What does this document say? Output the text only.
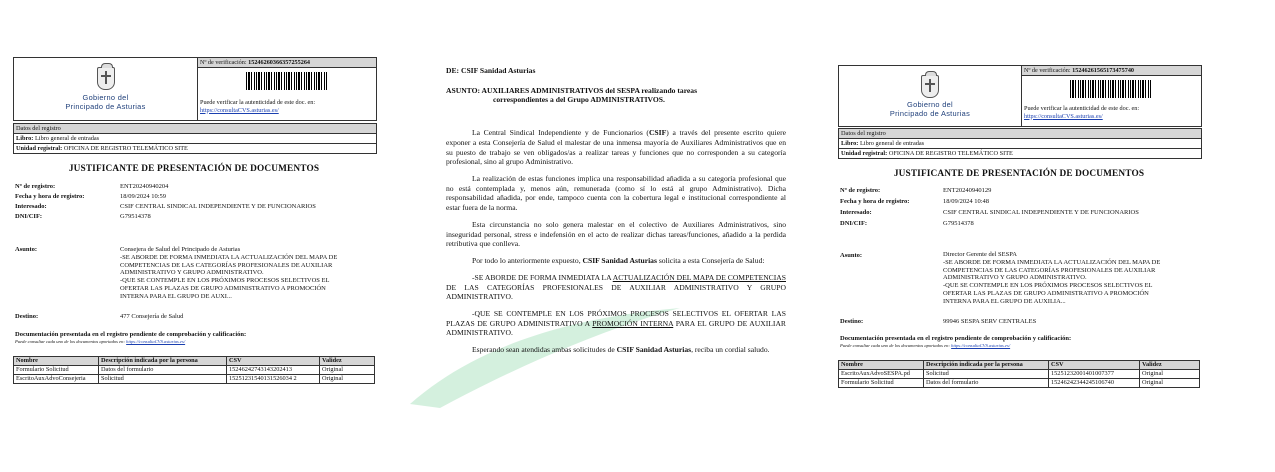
Gobierno del
Principado de Asturias
Nº de verificación: 15246260366357255264
Puede verificar la autenticidad de este doc. en:
https://consultaCVS.asturias.es/
Datos del registro
Libro: Libro general de entradas
Unidad registral: OFICINA DE REGISTRO TELEMÁTICO SITE
JUSTIFICANTE DE PRESENTACIÓN DE DOCUMENTOS
Nº de registro:	ENT20240940204
Fecha y hora de registro:	18/09/2024 10:59
Interesado:	CSIF CENTRAL SINDICAL INDEPENDIENTE Y DE FUNCIONARIOS
DNI/CIF:	G79514378
Asunto:	Consejera de Salud del Principado de Asturias
-SE ABORDE DE FORMA INMEDIATA LA ACTUALIZACIÓN DEL MAPA DE
COMPETENCIAS DE LAS CATEGORÍAS PROFESIONALES DE AUXILIAR
ADMINISTRATIVO Y GRUPO ADMINISTRATIVO.
-QUE SE CONTEMPLE EN LOS PRÓXIMOS PROCESOS SELECTIVOS EL
OFERTAR LAS PLAZAS DE GRUPO ADMINISTRATIVO A PROMOCIÓN
INTERNA PARA EL GRUPO DE AUXI...
Destino:	477 Consejería de Salud
Documentación presentada en el registro pendiente de comprobación y calificación:
Puede consultar cada uno de los documentos aportados en: https://consultaCVS.asturias.es/
Nombre	Descripción indicada por la persona	CSV	Validez
Formulario Solicitud	Datos del formulario	15246242743143202413	Original
EscritoAuxAdvoConsejeria	Solicitud	15251231540131526034 2	Original
DE: CSIF Sanidad Asturias
ASUNTO: AUXILIARES ADMINISTRATIVOS del SESPA realizando tareas
correspondientes a del Grupo ADMINISTRATIVOS.

La Central Sindical Independiente y de Funcionarios (CSIF) a través del presente escrito quiere exponer a esta Consejería de Salud el malestar de una inmensa mayoría de Auxiliares Administrativos que en su puesto de trabajo se ven obligados/as a realizar tareas y funciones que no corresponden a su categoría profesional, sino al grupo Administrativo.

La realización de estas funciones implica una responsabilidad añadida a su categoría profesional que no está contemplada y, menos aún, remunerada (como sí lo está al grupo Administrativo). Dicha responsabilidad añadida, por ende, tampoco cuenta con la cobertura legal e institucional correspondiente al estar fuera de la norma.

Esta circunstancia no solo genera malestar en el colectivo de Auxiliares Administrativos, sino inseguridad personal, stress e indefensión en el acto de realizar dichas tareas/funciones, añadido a la perdida retributiva que conlleva.

Por todo lo anteriormente expuesto, CSIF Sanidad Asturias solicita a esta Consejería de Salud:

-SE ABORDE DE FORMA INMEDIATA LA ACTUALIZACIÓN DEL MAPA DE COMPETENCIAS DE LAS CATEGORÍAS PROFESIONALES DE AUXILIAR ADMINISTRATIVO Y GRUPO ADMINISTRATIVO.

-QUE SE CONTEMPLE EN LOS PRÓXIMOS PROCESOS SELECTIVOS EL OFERTAR LAS PLAZAS DE GRUPO ADMINISTRATIVO A PROMOCIÓN INTERNA PARA EL GRUPO DE AUXILIAR ADMINISTRATIVO.

Esperando sean atendidas ambas solicitudes de CSIF Sanidad Asturias, reciba un cordial saludo.

Gobierno del
Principado de Asturias
Nº de verificación: 15246261565173475740
Puede verificar la autenticidad de este doc. en:
https://consultaCVS.asturias.es/
Datos del registro
Libro: Libro general de entradas
Unidad registral: OFICINA DE REGISTRO TELEMÁTICO SITE
JUSTIFICANTE DE PRESENTACIÓN DE DOCUMENTOS
Nº de registro:	ENT20240940129
Fecha y hora de registro:	18/09/2024 10:48
Interesado:	CSIF CENTRAL SINDICAL INDEPENDIENTE Y DE FUNCIONARIOS
DNI/CIF:	G79514378
Asunto:	Director Gerente del SESPA
-SE ABORDE DE FORMA INMEDIATA LA ACTUALIZACIÓN DEL MAPA DE
COMPETENCIAS DE LAS CATEGORÍAS PROFESIONALES DE AUXILIAR
ADMINISTRATIVO Y GRUPO ADMINISTRATIVO.
-QUE SE CONTEMPLE EN LOS PRÓXIMOS PROCESOS SELECTIVOS EL
OFERTAR LAS PLAZAS DE GRUPO ADMINISTRATIVO A PROMOCIÓN
INTERNA PARA EL GRUPO DE AUXILIA...
Destino:	99946 SESPA SERV CENTRALES
Documentación presentada en el registro pendiente de comprobación y calificación:
Puede consultar cada uno de los documentos aportados en: https://consultaCVS.asturias.es/
Nombre	Descripción indicada por la persona	CSV	Validez
EscritoAuxAdvoSESPA.pd	Solicitud	15251232001401007377	Original
Formulario Solicitud	Datos del formulario	15246242344245106740	Original
